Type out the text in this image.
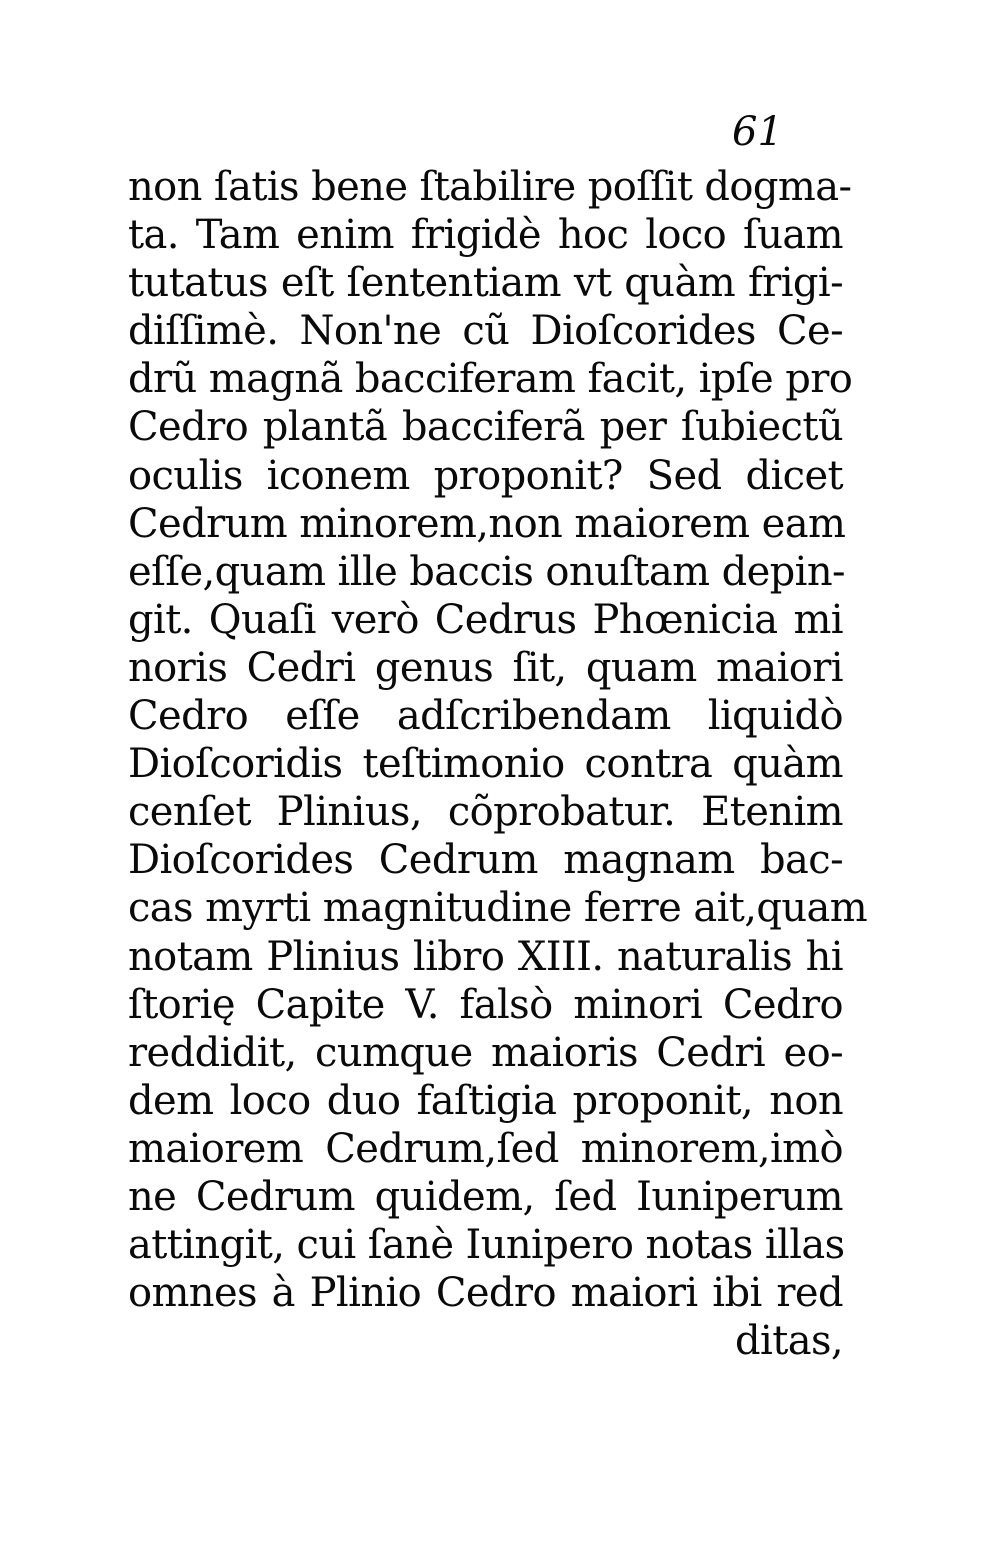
61
non ſatis bene ſtabilire poſſit dogma-
ta. Tam enim frigidè hoc loco ſuam
tutatus eſt ſententiam vt quàm frigi-
diſſimè. Non'ne cũ Dioſcorides Ce-
drũ magnã bacciferam facit, ipſe pro
Cedro plantã bacciferã per ſubiectũ
oculis iconem proponit? Sed dicet
Cedrum minorem,non maiorem eam
eſſe,quam ille baccis onuſtam depin-
git. Quaſi verò Cedrus Phœnicia mi
noris Cedri genus ſit, quam maiori
Cedro eſſe adſcribendam liquidò
Dioſcoridis teſtimonio contra quàm
cenſet Plinius, cõprobatur. Etenim
Dioſcorides Cedrum magnam bac-
cas myrti magnitudine ferre ait,quam
notam Plinius libro XIII. naturalis hi
ſtorię Capite V. falsò minori Cedro
reddidit, cumque maioris Cedri eo-
dem loco duo faſtigia proponit, non
maiorem Cedrum,ſed minorem,imò
ne Cedrum quidem, ſed Iuniperum
attingit, cui ſanè Iunipero notas illas
omnes à Plinio Cedro maiori ibi red
ditas,
